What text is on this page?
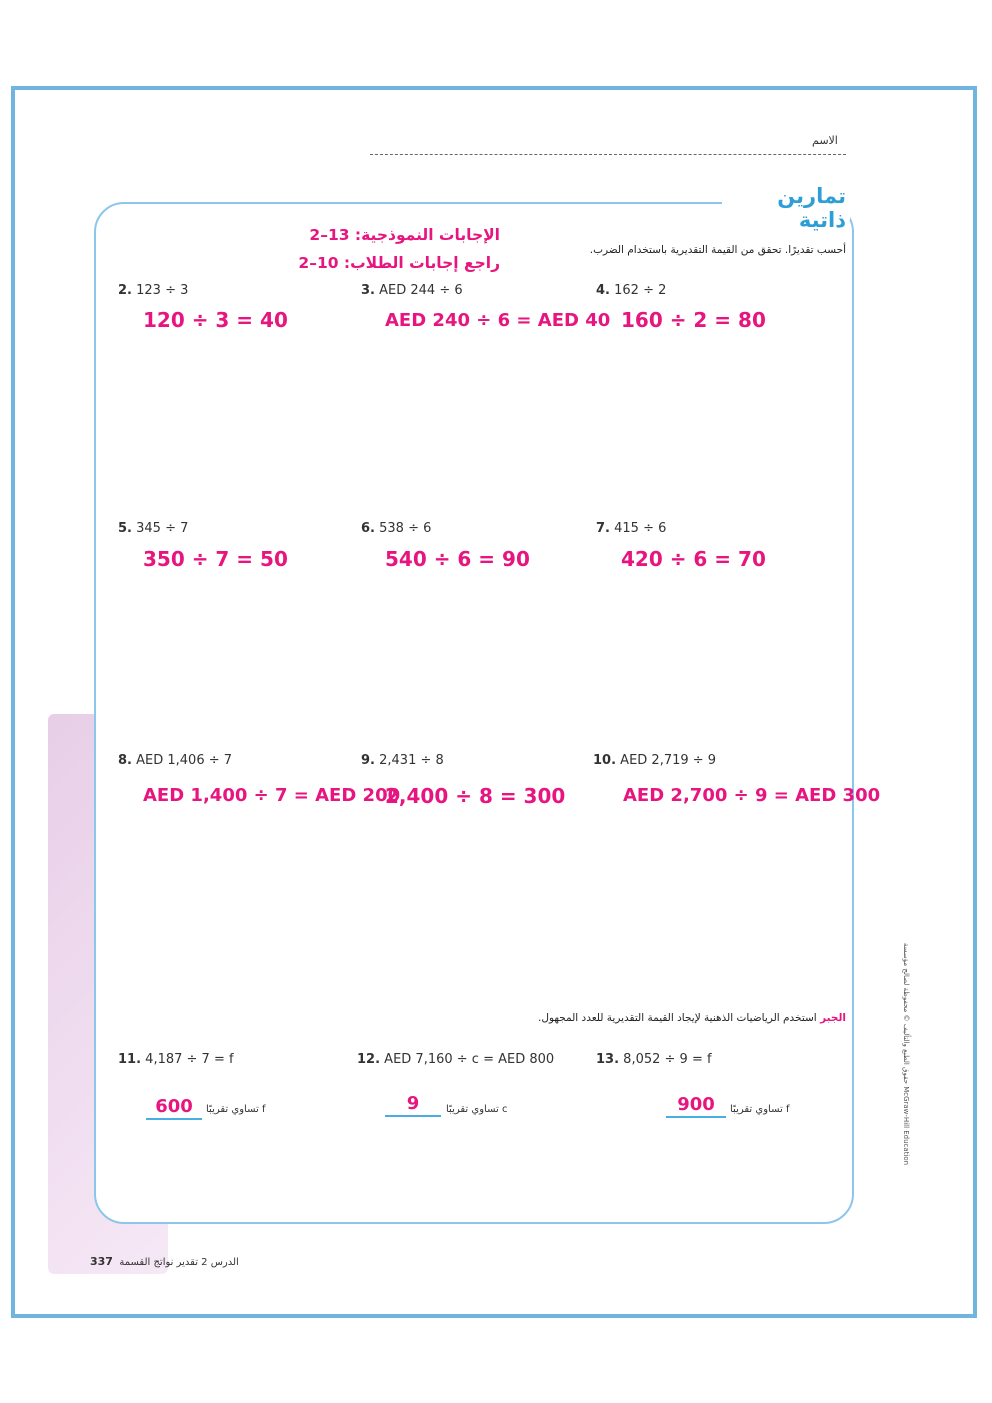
الاسم
تمارين ذاتية
أحسب تقديرًا. تحقق من القيمة التقديرية باستخدام الضرب.
الإجابات النموذجية: 13–2
راجع إجابات الطلاب: 10–2
2. 123 ÷ 3
120 ÷ 3 = 40
3. AED 244 ÷ 6
AED 240 ÷ 6 = AED 40
4. 162 ÷ 2
160 ÷ 2 = 80
5. 345 ÷ 7
350 ÷ 7 = 50
6. 538 ÷ 6
540 ÷ 6 = 90
7. 415 ÷ 6
420 ÷ 6 = 70
8. AED 1,406 ÷ 7
AED 1,400 ÷ 7 = AED 200
9. 2,431 ÷ 8
2,400 ÷ 8 = 300
10. AED 2,719 ÷ 9
AED 2,700 ÷ 9 = AED 300
الجبر استخدم الرياضيات الذهنية لإيجاد القيمة التقديرية للعدد المجهول.
11. 4,187 ÷ 7 = f
600	f تساوي تقريبًا
12. AED 7,160 ÷ c = AED 800
9	c تساوي تقريبًا
13. 8,052 ÷ 9 = f
900	f تساوي تقريبًا
حقوق الطبع والتأليف © محفوظة لصالح مؤسسة McGraw-Hill Education
337 الدرس 2 تقدير نواتج القسمة
